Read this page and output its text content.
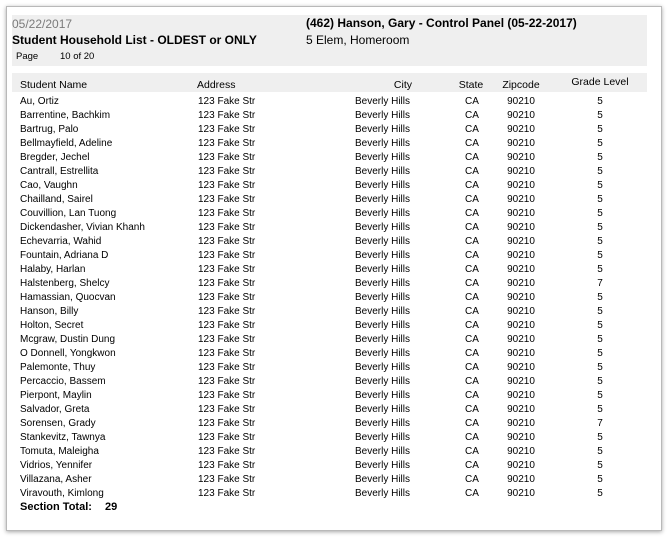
05/22/2017
Student Household List - OLDEST or ONLY
Page 10 of 20
(462) Hanson, Gary - Control Panel (05-22-2017)
5 Elem, Homeroom
Student Name	Address	City	State	Zipcode	Grade Level
Au, Ortiz	123 Fake Str	Beverly Hills	CA	90210	5
Barrentine, Bachkim	123 Fake Str	Beverly Hills	CA	90210	5
Bartrug, Palo	123 Fake Str	Beverly Hills	CA	90210	5
Bellmayfield, Adeline	123 Fake Str	Beverly Hills	CA	90210	5
Bregder, Jechel	123 Fake Str	Beverly Hills	CA	90210	5
Cantrall, Estrellita	123 Fake Str	Beverly Hills	CA	90210	5
Cao, Vaughn	123 Fake Str	Beverly Hills	CA	90210	5
Chailland, Sairel	123 Fake Str	Beverly Hills	CA	90210	5
Couvillion, Lan Tuong	123 Fake Str	Beverly Hills	CA	90210	5
Dickendasher, Vivian Khanh	123 Fake Str	Beverly Hills	CA	90210	5
Echevarria, Wahid	123 Fake Str	Beverly Hills	CA	90210	5
Fountain, Adriana D	123 Fake Str	Beverly Hills	CA	90210	5
Halaby, Harlan	123 Fake Str	Beverly Hills	CA	90210	5
Halstenberg, Shelcy	123 Fake Str	Beverly Hills	CA	90210	7
Hamassian, Quocvan	123 Fake Str	Beverly Hills	CA	90210	5
Hanson, Billy	123 Fake Str	Beverly Hills	CA	90210	5
Holton, Secret	123 Fake Str	Beverly Hills	CA	90210	5
Mcgraw, Dustin Dung	123 Fake Str	Beverly Hills	CA	90210	5
O Donnell, Yongkwon	123 Fake Str	Beverly Hills	CA	90210	5
Palemonte, Thuy	123 Fake Str	Beverly Hills	CA	90210	5
Percaccio, Bassem	123 Fake Str	Beverly Hills	CA	90210	5
Pierpont, Maylin	123 Fake Str	Beverly Hills	CA	90210	5
Salvador, Greta	123 Fake Str	Beverly Hills	CA	90210	5
Sorensen, Grady	123 Fake Str	Beverly Hills	CA	90210	7
Stankevitz, Tawnya	123 Fake Str	Beverly Hills	CA	90210	5
Tomuta, Maleigha	123 Fake Str	Beverly Hills	CA	90210	5
Vidrios, Yennifer	123 Fake Str	Beverly Hills	CA	90210	5
Villazana, Asher	123 Fake Str	Beverly Hills	CA	90210	5
Viravouth, Kimlong	123 Fake Str	Beverly Hills	CA	90210	5
Section Total: 29
